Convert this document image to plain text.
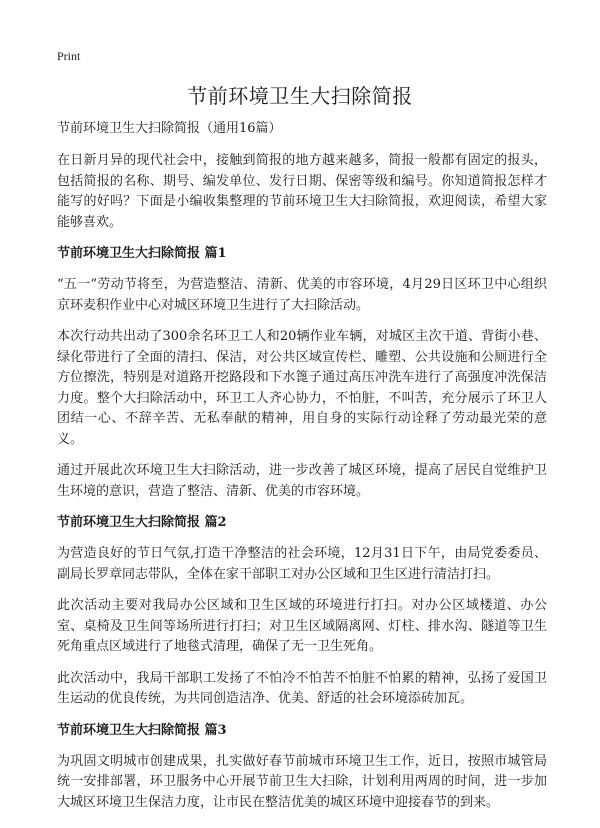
Print
节前环境卫生大扫除简报
节前环境卫生大扫除简报（通用16篇）

在日新月异的现代社会中，接触到简报的地方越来越多，简报一般都有固定的报头，包括简报的名称、期号、编发单位、发行日期、保密等级和编号。你知道简报怎样才能写的好吗？下面是小编收集整理的节前环境卫生大扫除简报，欢迎阅读，希望大家能够喜欢。

节前环境卫生大扫除简报 篇1

“五一”劳动节将至，为营造整洁、清新、优美的市容环境，4月29日区环卫中心组织京环麦积作业中心对城区环境卫生进行了大扫除活动。

本次行动共出动了300余名环卫工人和20辆作业车辆，对城区主次干道、背街小巷、绿化带进行了全面的清扫、保洁，对公共区域宣传栏、雕塑、公共设施和公厕进行全方位擦洗，特别是对道路开挖路段和下水篦子通过高压冲洗车进行了高强度冲洗保洁力度。整个大扫除活动中，环卫工人齐心协力，不怕脏，不叫苦，充分展示了环卫人团结一心、不辞辛苦、无私奉献的精神，用自身的实际行动诠释了劳动最光荣的意义。

通过开展此次环境卫生大扫除活动，进一步改善了城区环境，提高了居民自觉维护卫生环境的意识，营造了整洁、清新、优美的市容环境。

节前环境卫生大扫除简报 篇2

为营造良好的节日气氛,打造干净整洁的社会环境，12月31日下午，由局党委委员、副局长罗章同志带队，全体在家干部职工对办公区域和卫生区进行清洁打扫。

此次活动主要对我局办公区域和卫生区域的环境进行打扫。对办公区域楼道、办公室、桌椅及卫生间等场所进行打扫；对卫生区域隔离网、灯柱、排水沟、隧道等卫生死角重点区域进行了地毯式清理，确保了无一卫生死角。

此次活动中，我局干部职工发扬了不怕冷不怕苦不怕脏不怕累的精神，弘扬了爱国卫生运动的优良传统，为共同创造洁净、优美、舒适的社会环境添砖加瓦。

节前环境卫生大扫除简报 篇3

为巩固文明城市创建成果，扎实做好春节前城市环境卫生工作，近日，按照市城管局统一安排部署，环卫服务中心开展节前卫生大扫除，计划利用两周的时间，进一步加大城区环境卫生保洁力度，让市民在整洁优美的城区环境中迎接春节的到来。
